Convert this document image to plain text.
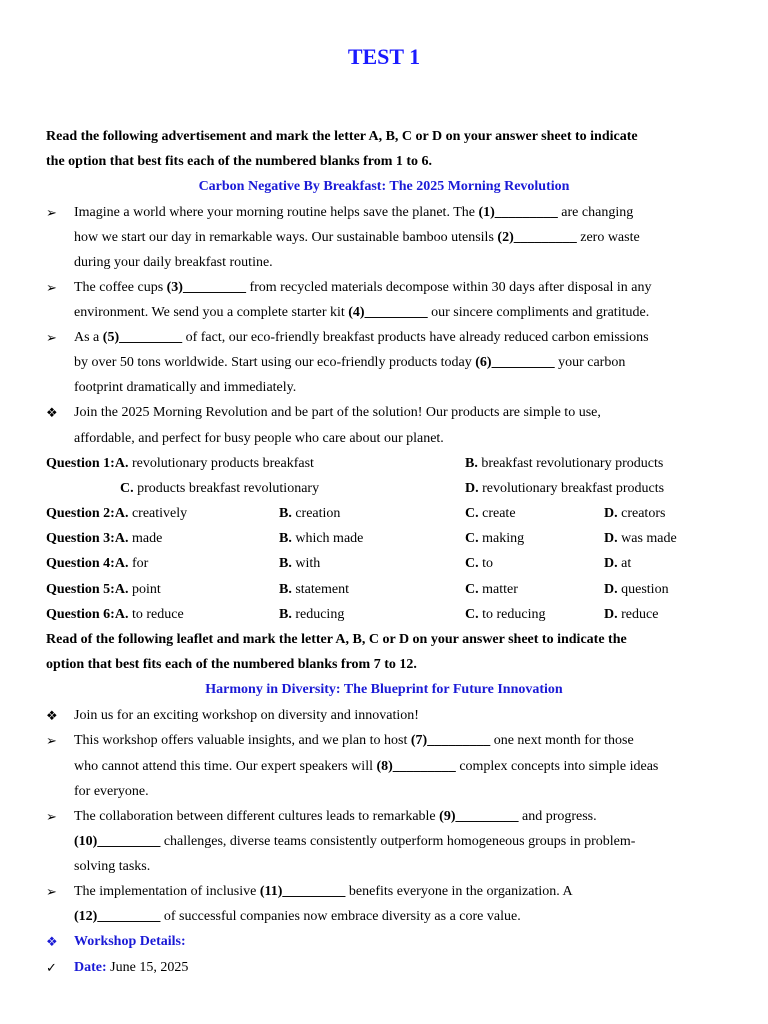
TEST 1
Read the following advertisement and mark the letter A, B, C or D on your answer sheet to indicate
the option that best fits each of the numbered blanks from 1 to 6.
Carbon Negative By Breakfast: The 2025 Morning Revolution
➢	Imagine a world where your morning routine helps save the planet. The (1)_________ are changing
how we start our day in remarkable ways. Our sustainable bamboo utensils (2)_________ zero waste
during your daily breakfast routine.
➢	The coffee cups (3)_________ from recycled materials decompose within 30 days after disposal in any
environment. We send you a complete starter kit (4)_________ our sincere compliments and gratitude.
➢	As a (5)_________ of fact, our eco-friendly breakfast products have already reduced carbon emissions
by over 50 tons worldwide. Start using our eco-friendly products today (6)_________ your carbon
footprint dramatically and immediately.
❖	Join the 2025 Morning Revolution and be part of the solution! Our products are simple to use,
affordable, and perfect for busy people who care about our planet.
Question 1:A. revolutionary products breakfast	B. breakfast revolutionary products
C. products breakfast revolutionary	D. revolutionary breakfast products
Question 2:A. creatively	B. creation	C. create	D. creators
Question 3:A. made	B. which made	C. making	D. was made
Question 4:A. for	B. with	C. to	D. at
Question 5:A. point	B. statement	C. matter	D. question
Question 6:A. to reduce	B. reducing	C. to reducing	D. reduce
Read of the following leaflet and mark the letter A, B, C or D on your answer sheet to indicate the
option that best fits each of the numbered blanks from 7 to 12.
Harmony in Diversity: The Blueprint for Future Innovation
❖	Join us for an exciting workshop on diversity and innovation!
➢	This workshop offers valuable insights, and we plan to host (7)_________ one next month for those
who cannot attend this time. Our expert speakers will (8)_________ complex concepts into simple ideas
for everyone.
➢	The collaboration between different cultures leads to remarkable (9)_________ and progress.
(10)_________ challenges, diverse teams consistently outperform homogeneous groups in problem-
solving tasks.
➢	The implementation of inclusive (11)_________ benefits everyone in the organization. A
(12)_________ of successful companies now embrace diversity as a core value.
❖	Workshop Details:
✓	Date: June 15, 2025
